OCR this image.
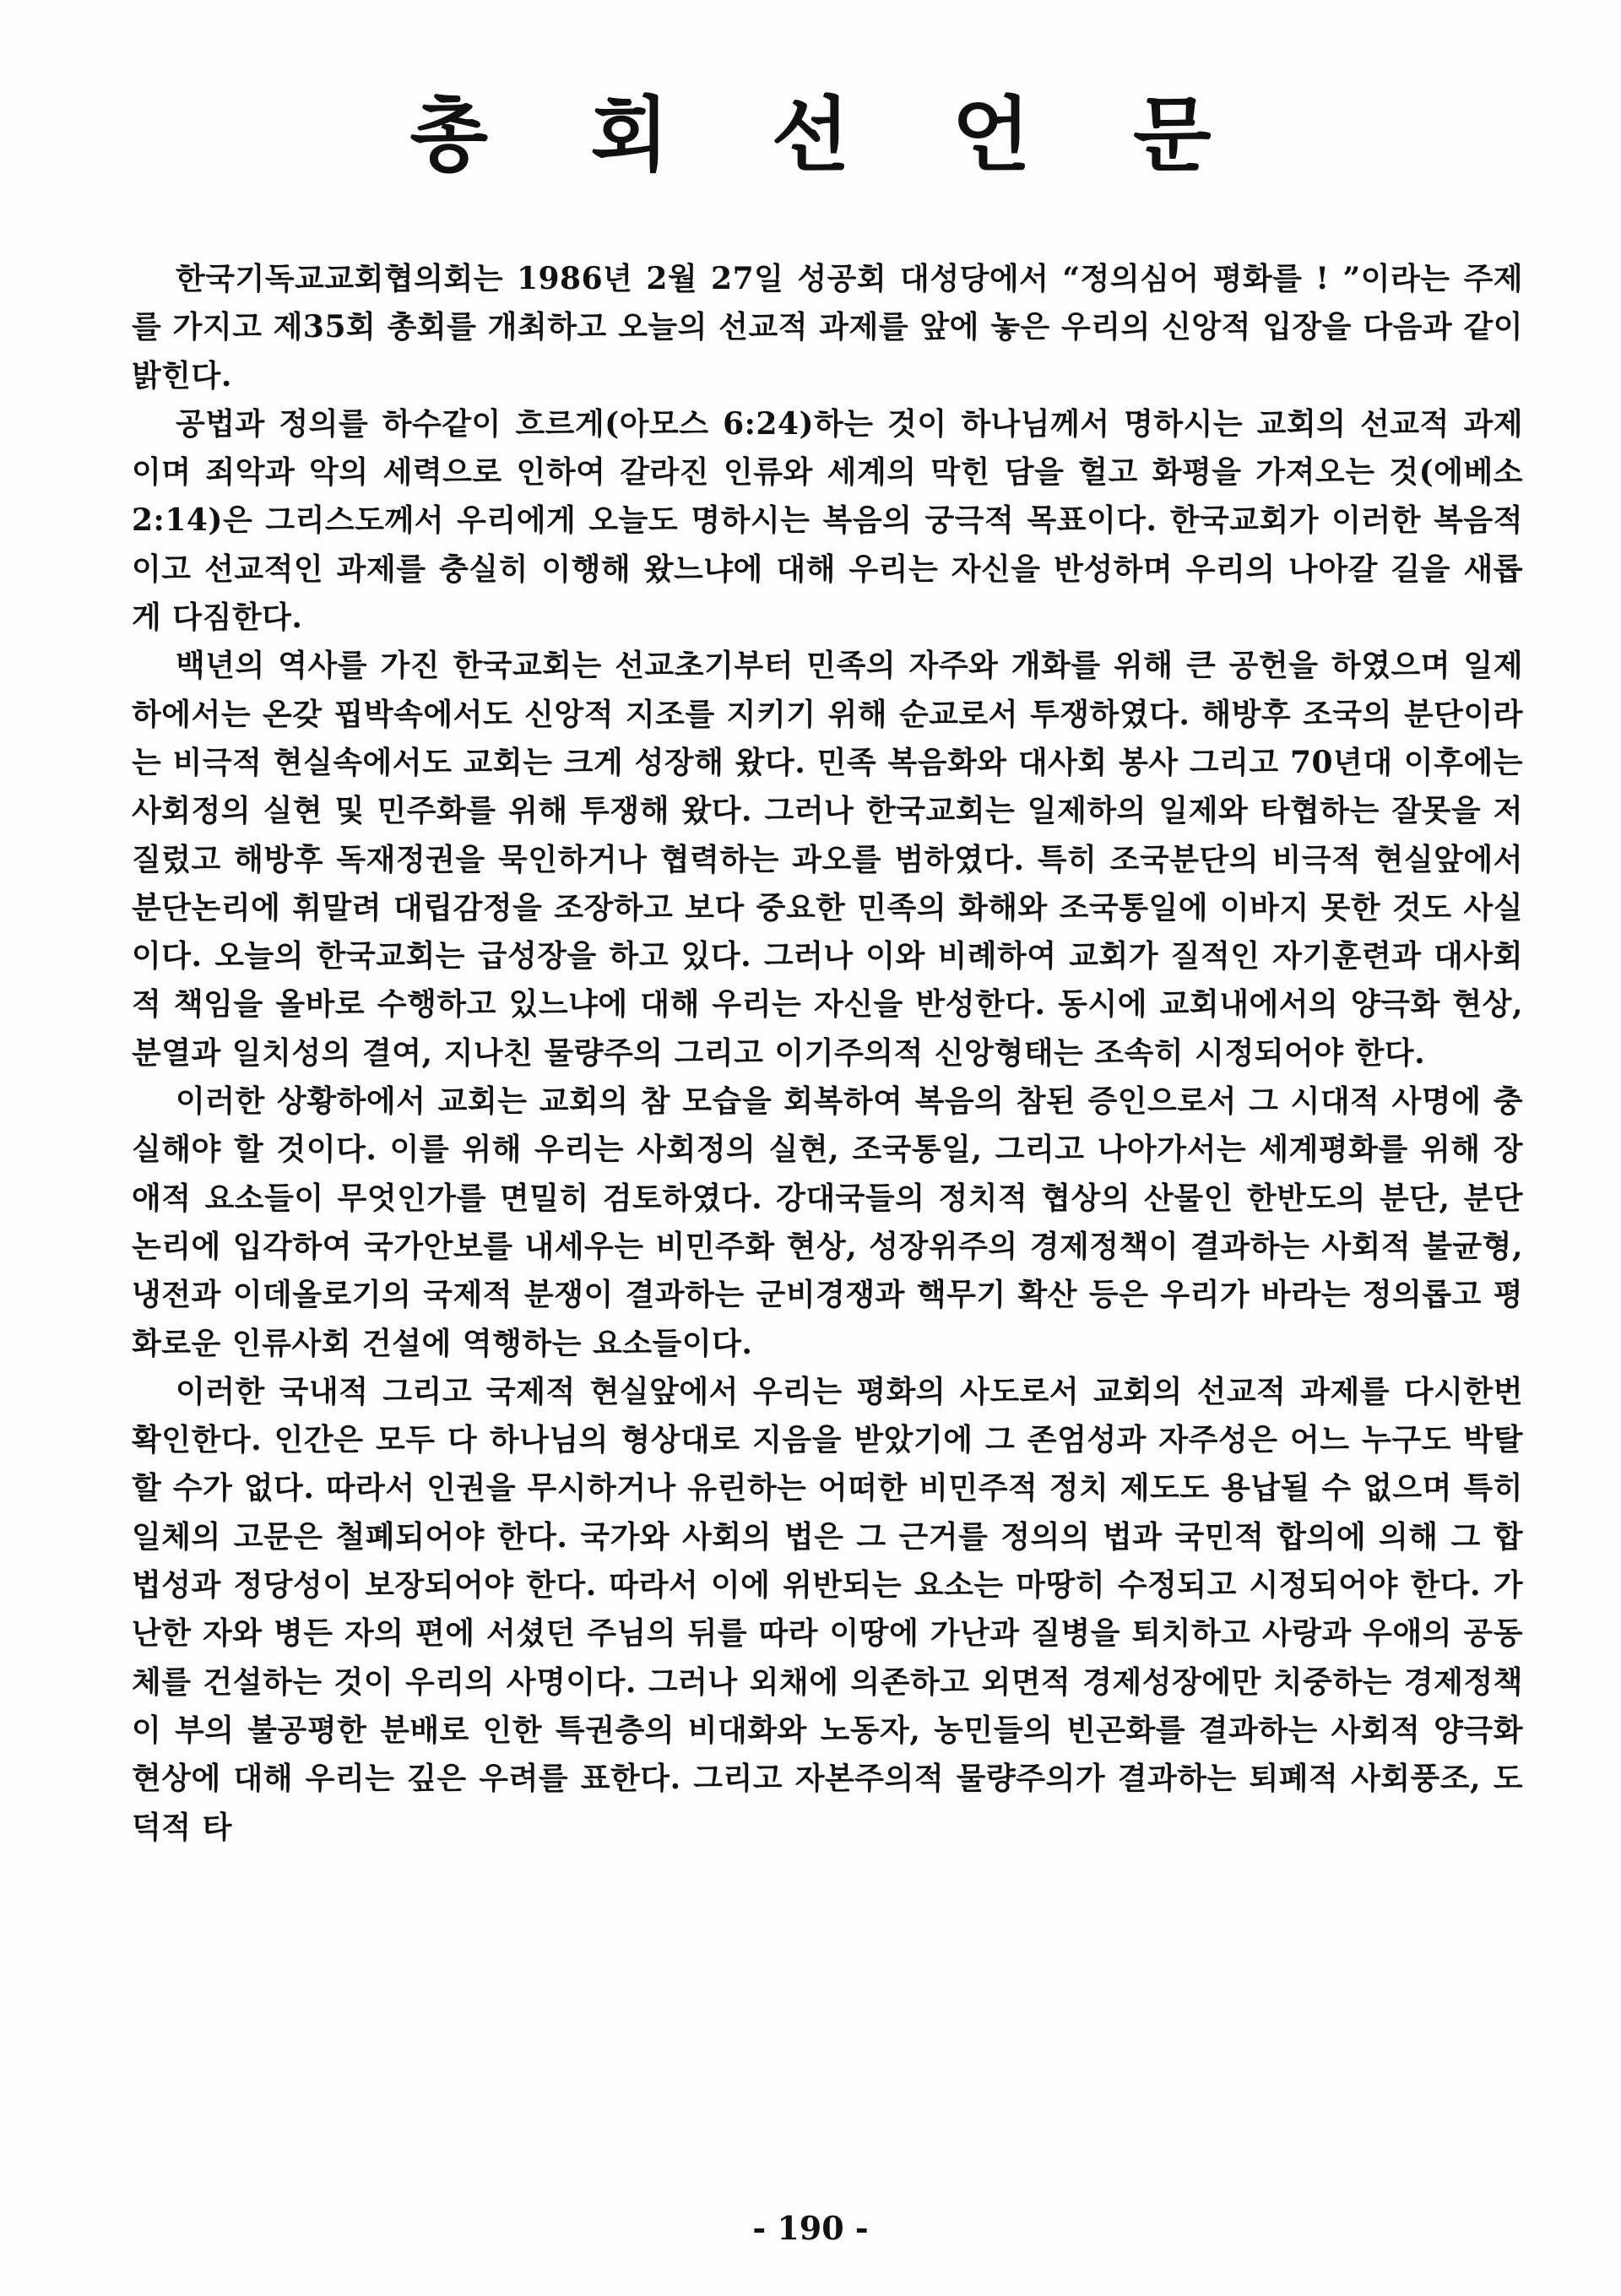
총 회 선 언 문

한국기독교교회협의회는 1986년 2월 27일 성공회 대성당에서 “정의심어 평화를 ! ”이라는 주제를 가지고 제35회 총회를 개최하고 오늘의 선교적 과제를 앞에 놓은 우리의 신앙적 입장을 다음과 같이 밝힌다.

공법과 정의를 하수같이 흐르게(아모스 6:24)하는 것이 하나님께서 명하시는 교회의 선교적 과제이며 죄악과 악의 세력으로 인하여 갈라진 인류와 세계의 막힌 담을 헐고 화평을 가져오는 것(에베소 2:14)은 그리스도께서 우리에게 오늘도 명하시는 복음의 궁극적 목표이다. 한국교회가 이러한 복음적이고 선교적인 과제를 충실히 이행해 왔느냐에 대해 우리는 자신을 반성하며 우리의 나아갈 길을 새롭게 다짐한다.

백년의 역사를 가진 한국교회는 선교초기부터 민족의 자주와 개화를 위해 큰 공헌을 하였으며 일제하에서는 온갖 핍박속에서도 신앙적 지조를 지키기 위해 순교로서 투쟁하였다. 해방후 조국의 분단이라는 비극적 현실속에서도 교회는 크게 성장해 왔다. 민족 복음화와 대사회 봉사 그리고 70년대 이후에는 사회정의 실현 및 민주화를 위해 투쟁해 왔다. 그러나 한국교회는 일제하의 일제와 타협하는 잘못을 저질렀고 해방후 독재정권을 묵인하거나 협력하는 과오를 범하였다. 특히 조국분단의 비극적 현실앞에서 분단논리에 휘말려 대립감정을 조장하고 보다 중요한 민족의 화해와 조국통일에 이바지 못한 것도 사실이다. 오늘의 한국교회는 급성장을 하고 있다. 그러나 이와 비례하여 교회가 질적인 자기훈련과 대사회적 책임을 올바로 수행하고 있느냐에 대해 우리는 자신을 반성한다. 동시에 교회내에서의 양극화 현상, 분열과 일치성의 결여, 지나친 물량주의 그리고 이기주의적 신앙형태는 조속히 시정되어야 한다.

이러한 상황하에서 교회는 교회의 참 모습을 회복하여 복음의 참된 증인으로서 그 시대적 사명에 충실해야 할 것이다. 이를 위해 우리는 사회정의 실현, 조국통일, 그리고 나아가서는 세계평화를 위해 장애적 요소들이 무엇인가를 면밀히 검토하였다. 강대국들의 정치적 협상의 산물인 한반도의 분단, 분단논리에 입각하여 국가안보를 내세우는 비민주화 현상, 성장위주의 경제정책이 결과하는 사회적 불균형, 냉전과 이데올로기의 국제적 분쟁이 결과하는 군비경쟁과 핵무기 확산 등은 우리가 바라는 정의롭고 평화로운 인류사회 건설에 역행하는 요소들이다.

이러한 국내적 그리고 국제적 현실앞에서 우리는 평화의 사도로서 교회의 선교적 과제를 다시한번 확인한다. 인간은 모두 다 하나님의 형상대로 지음을 받았기에 그 존엄성과 자주성은 어느 누구도 박탈할 수가 없다. 따라서 인권을 무시하거나 유린하는 어떠한 비민주적 정치 제도도 용납될 수 없으며 특히 일체의 고문은 철폐되어야 한다. 국가와 사회의 법은 그 근거를 정의의 법과 국민적 합의에 의해 그 합법성과 정당성이 보장되어야 한다. 따라서 이에 위반되는 요소는 마땅히 수정되고 시정되어야 한다. 가난한 자와 병든 자의 편에 서셨던 주님의 뒤를 따라 이땅에 가난과 질병을 퇴치하고 사랑과 우애의 공동체를 건설하는 것이 우리의 사명이다. 그러나 외채에 의존하고 외면적 경제성장에만 치중하는 경제정책이 부의 불공평한 분배로 인한 특권층의 비대화와 노동자, 농민들의 빈곤화를 결과하는 사회적 양극화 현상에 대해 우리는 깊은 우려를 표한다. 그리고 자본주의적 물량주의가 결과하는 퇴폐적 사회풍조, 도덕적 타

- 190 -
